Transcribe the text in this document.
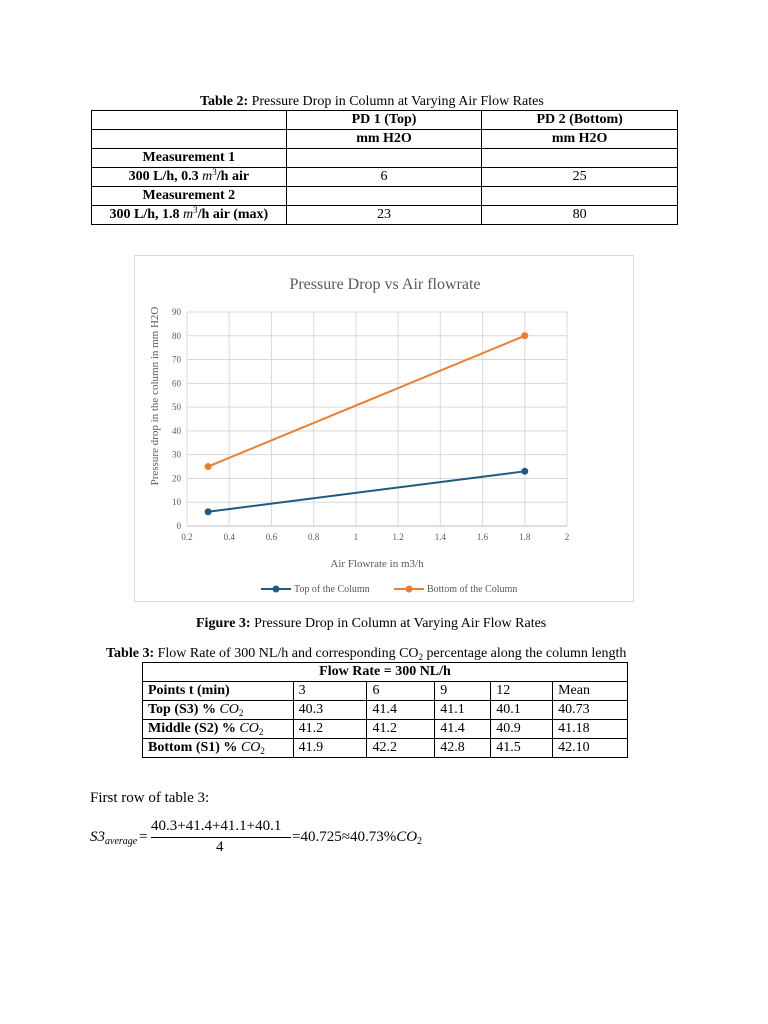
Table 2: Pressure Drop in Column at Varying Air Flow Rates
	PD 1 (Top)	PD 2 (Bottom)
	mm H2O	mm H2O
Measurement 1		
300 L/h, 0.3 $m^3/h$ air	6	25
Measurement 2		
300 L/h, 1.8 $m^3/h$ air (max)	23	80
0
10
20
30
40
50
60
70
80
90
0.2	0.4	0.6	0.8	1	1.2	1.4	1.6	1.8	2
Pressure Drop vs Air flowrate
Pressure drop in the column in mm H2O
Air Flowrate in m3/h
Top of the Column	Bottom of the Column
Figure 3: Pressure Drop in Column at Varying Air Flow Rates
Table 3: Flow Rate of 300 NL/h and corresponding $CO_2$ percentage along the column length
Flow Rate = 300 NL/h					
Points t (min)	3	6	9	12	Mean
Top (S3) % $CO_2$	40.3	41.4	41.1	40.1	40.73
Middle (S2) % $CO_2$	41.2	41.2	41.4	40.9	41.18
Bottom (S1) % $CO_2$	41.9	42.2	42.8	41.5	42.10
First row of table 3:
$S3_{average}$ =
40.3+41.4+41.1+40.1
4
$=40.725\approx 40.73\%CO_2$
